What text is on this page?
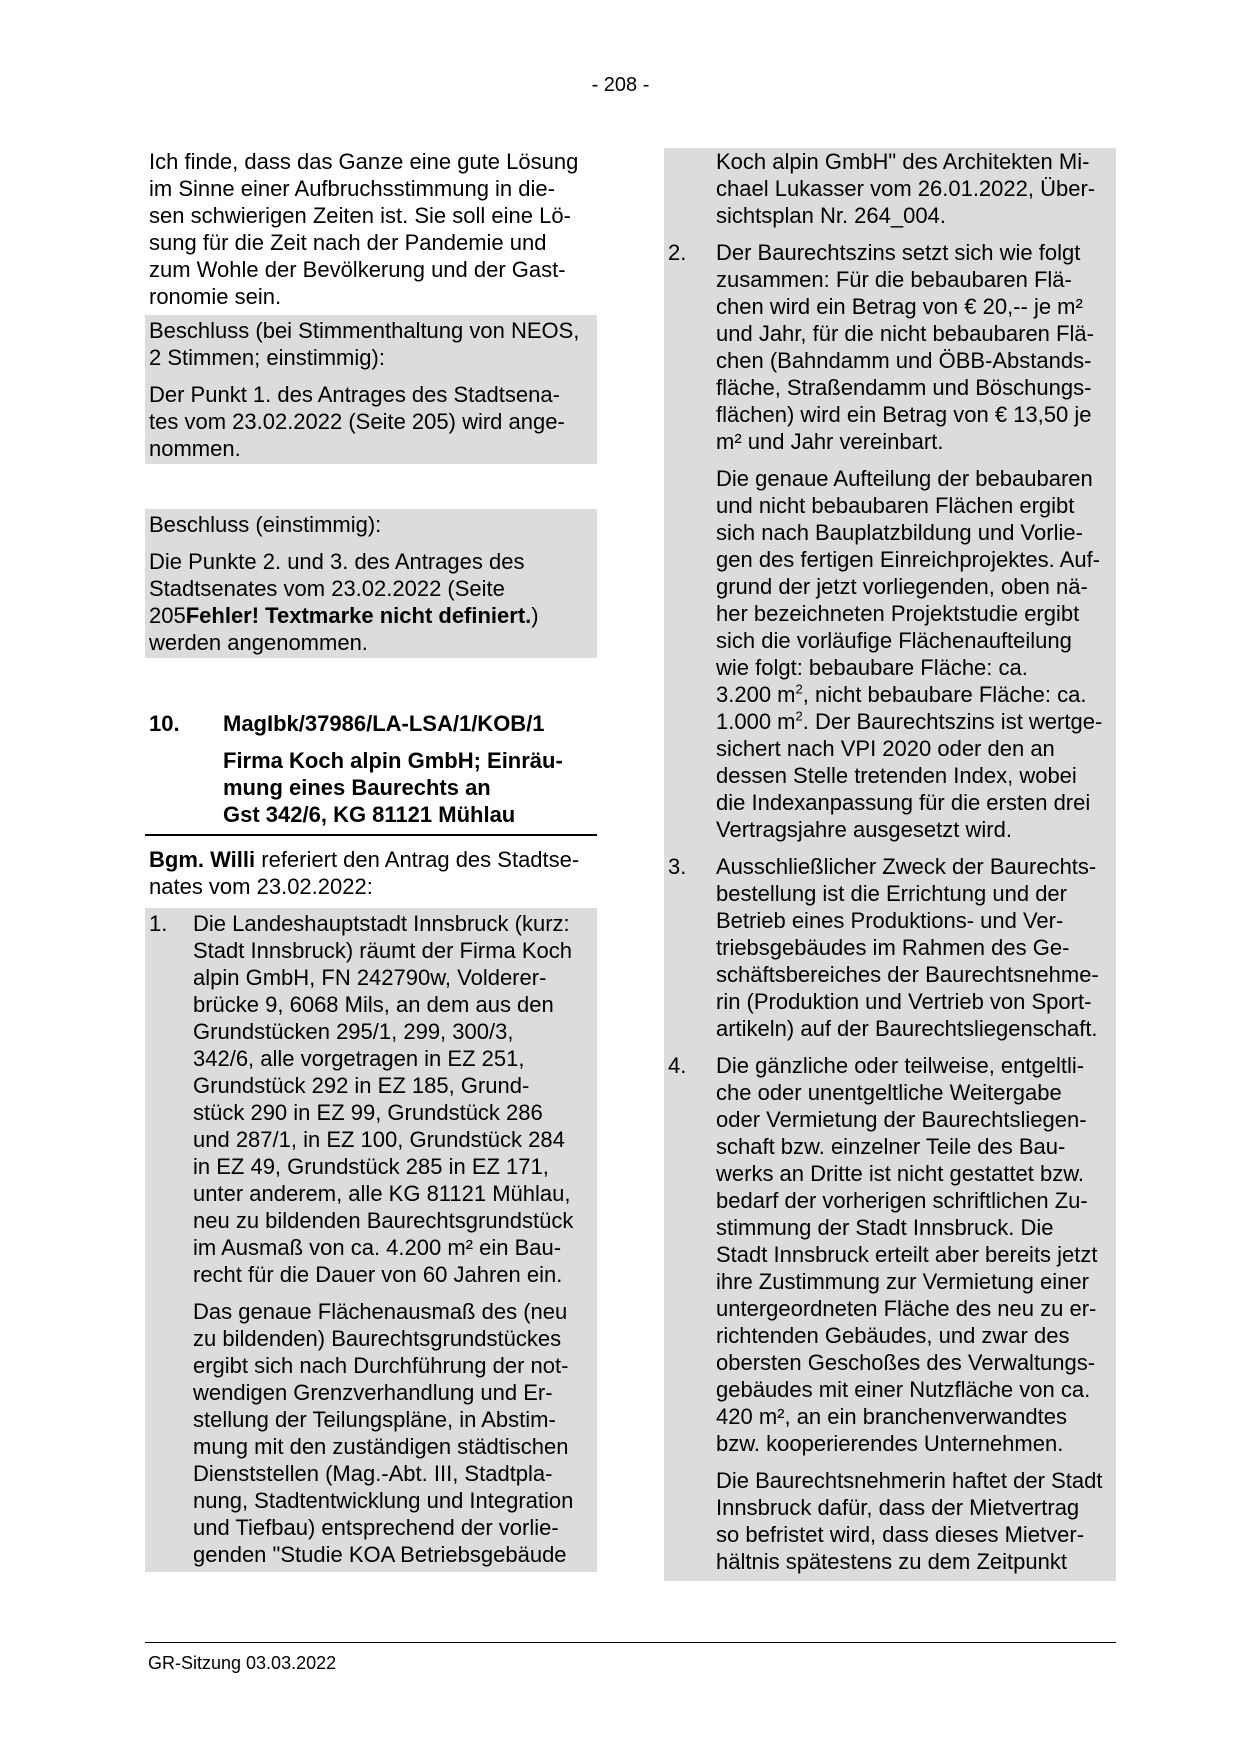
- 208 -
Ich finde, dass das Ganze eine gute Lösung
im Sinne einer Aufbruchsstimmung in die-
sen schwierigen Zeiten ist. Sie soll eine Lö-
sung für die Zeit nach der Pandemie und
zum Wohle der Bevölkerung und der Gast-
ronomie sein.
Beschluss (bei Stimmenthaltung von NEOS,
2 Stimmen; einstimmig):
Der Punkt 1. des Antrages des Stadtsena-
tes vom 23.02.2022 (Seite 205) wird ange-
nommen.
Beschluss (einstimmig):
Die Punkte 2. und 3. des Antrages des
Stadtsenates vom 23.02.2022 (Seite
205Fehler! Textmarke nicht definiert.)
werden angenommen.
10.	MagIbk/37986/LA-LSA/1/KOB/1
Firma Koch alpin GmbH; Einräu-
mung eines Baurechts an
Gst 342/6, KG 81121 Mühlau
Bgm. Willi referiert den Antrag des Stadtse-
nates vom 23.02.2022:
1.	Die Landeshauptstadt Innsbruck (kurz:
Stadt Innsbruck) räumt der Firma Koch
alpin GmbH, FN 242790w, Volderer-
brücke 9, 6068 Mils, an dem aus den
Grundstücken 295/1, 299, 300/3,
342/6, alle vorgetragen in EZ 251,
Grundstück 292 in EZ 185, Grund-
stück 290 in EZ 99, Grundstück 286
und 287/1, in EZ 100, Grundstück 284
in EZ 49, Grundstück 285 in EZ 171,
unter anderem, alle KG 81121 Mühlau,
neu zu bildenden Baurechtsgrundstück
im Ausmaß von ca. 4.200 m² ein Bau-
recht für die Dauer von 60 Jahren ein.
Das genaue Flächenausmaß des (neu
zu bildenden) Baurechtsgrundstückes
ergibt sich nach Durchführung der not-
wendigen Grenzverhandlung und Er-
stellung der Teilungspläne, in Abstim-
mung mit den zuständigen städtischen
Dienststellen (Mag.-Abt. III, Stadtpla-
nung, Stadtentwicklung und Integration
und Tiefbau) entsprechend der vorlie-
genden "Studie KOA Betriebsgebäude
Koch alpin GmbH" des Architekten Mi-
chael Lukasser vom 26.01.2022, Über-
sichtsplan Nr. 264_004.
2.	Der Baurechtszins setzt sich wie folgt
zusammen: Für die bebaubaren Flä-
chen wird ein Betrag von € 20,-- je m²
und Jahr, für die nicht bebaubaren Flä-
chen (Bahndamm und ÖBB-Abstands-
fläche, Straßendamm und Böschungs-
flächen) wird ein Betrag von € 13,50 je
m² und Jahr vereinbart.
Die genaue Aufteilung der bebaubaren
und nicht bebaubaren Flächen ergibt
sich nach Bauplatzbildung und Vorlie-
gen des fertigen Einreichprojektes. Auf-
grund der jetzt vorliegenden, oben nä-
her bezeichneten Projektstudie ergibt
sich die vorläufige Flächenaufteilung
wie folgt: bebaubare Fläche: ca.
3.200 $m^2$, nicht bebaubare Fläche: ca.
1.000 $m^2$. Der Baurechtszins ist wertge-
sichert nach VPI 2020 oder den an
dessen Stelle tretenden Index, wobei
die Indexanpassung für die ersten drei
Vertragsjahre ausgesetzt wird.
3.	Ausschließlicher Zweck der Baurechts-
bestellung ist die Errichtung und der
Betrieb eines Produktions- und Ver-
triebsgebäudes im Rahmen des Ge-
schäftsbereiches der Baurechtsnehme-
rin (Produktion und Vertrieb von Sport-
artikeln) auf der Baurechtsliegenschaft.
4.	Die gänzliche oder teilweise, entgeltli-
che oder unentgeltliche Weitergabe
oder Vermietung der Baurechtsliegen-
schaft bzw. einzelner Teile des Bau-
werks an Dritte ist nicht gestattet bzw.
bedarf der vorherigen schriftlichen Zu-
stimmung der Stadt Innsbruck. Die
Stadt Innsbruck erteilt aber bereits jetzt
ihre Zustimmung zur Vermietung einer
untergeordneten Fläche des neu zu er-
richtenden Gebäudes, und zwar des
obersten Geschoßes des Verwaltungs-
gebäudes mit einer Nutzfläche von ca.
420 m², an ein branchenverwandtes
bzw. kooperierendes Unternehmen.
Die Baurechtsnehmerin haftet der Stadt
Innsbruck dafür, dass der Mietvertrag
so befristet wird, dass dieses Mietver-
hältnis spätestens zu dem Zeitpunkt
GR-Sitzung 03.03.2022
